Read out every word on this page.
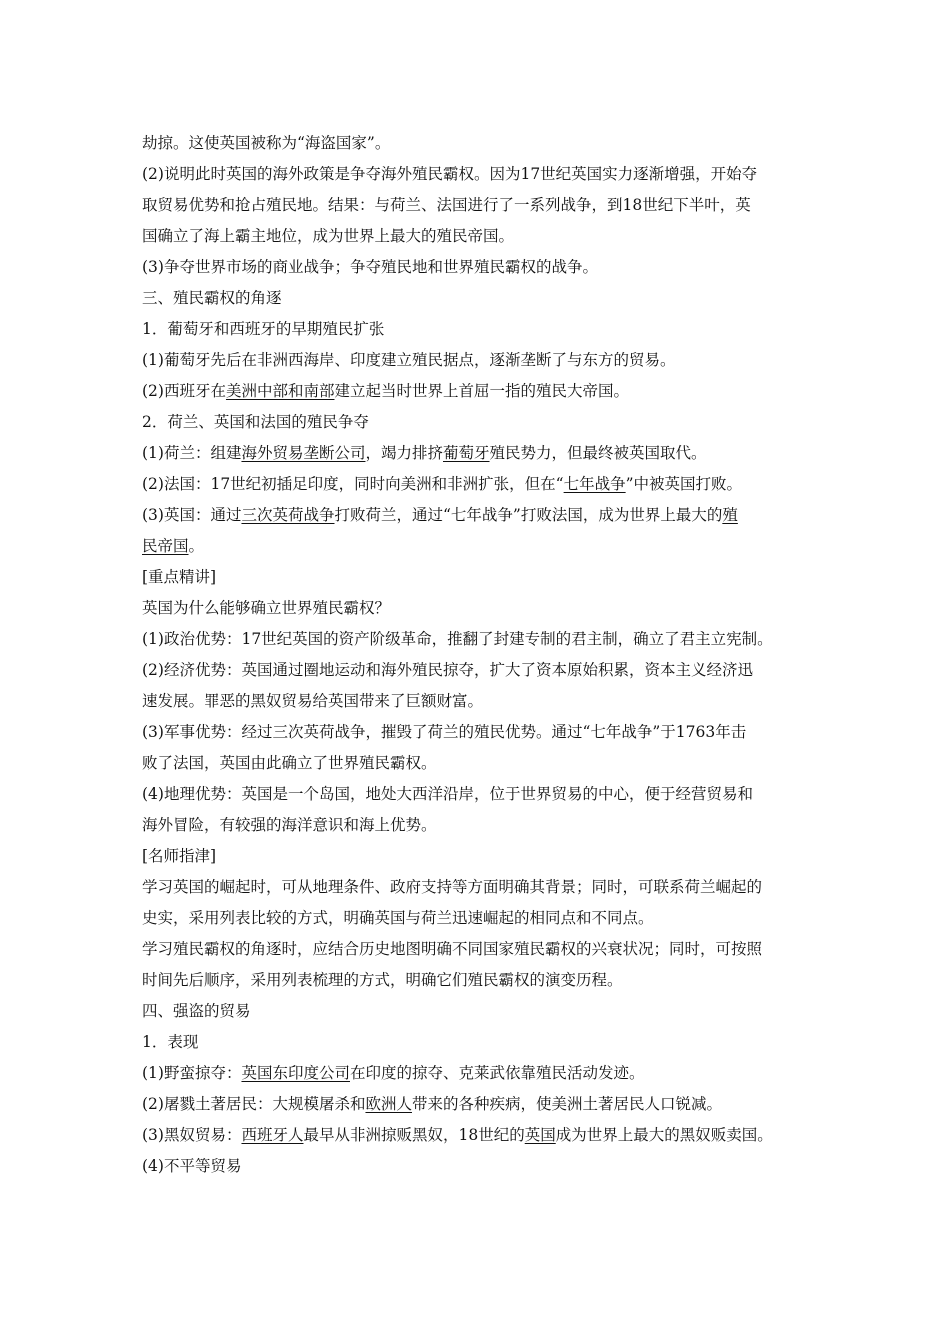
劫掠。这使英国被称为“海盗国家”。
(2)说明此时英国的海外政策是争夺海外殖民霸权。因为17世纪英国实力逐渐增强，开始夺
取贸易优势和抢占殖民地。结果：与荷兰、法国进行了一系列战争，到18世纪下半叶，英
国确立了海上霸主地位，成为世界上最大的殖民帝国。
(3)争夺世界市场的商业战争；争夺殖民地和世界殖民霸权的战争。
三、殖民霸权的角逐
1．葡萄牙和西班牙的早期殖民扩张
(1)葡萄牙先后在非洲西海岸、印度建立殖民据点，逐渐垄断了与东方的贸易。
(2)西班牙在美洲中部和南部建立起当时世界上首屈一指的殖民大帝国。
2．荷兰、英国和法国的殖民争夺
(1)荷兰：组建海外贸易垄断公司，竭力排挤葡萄牙殖民势力，但最终被英国取代。
(2)法国：17世纪初插足印度，同时向美洲和非洲扩张，但在“七年战争”中被英国打败。
(3)英国：通过三次英荷战争打败荷兰，通过“七年战争”打败法国，成为世界上最大的殖
民帝国。
[重点精讲]
英国为什么能够确立世界殖民霸权？
(1)政治优势：17世纪英国的资产阶级革命，推翻了封建专制的君主制，确立了君主立宪制。
(2)经济优势：英国通过圈地运动和海外殖民掠夺，扩大了资本原始积累，资本主义经济迅
速发展。罪恶的黑奴贸易给英国带来了巨额财富。
(3)军事优势：经过三次英荷战争，摧毁了荷兰的殖民优势。通过“七年战争”于1763年击
败了法国，英国由此确立了世界殖民霸权。
(4)地理优势：英国是一个岛国，地处大西洋沿岸，位于世界贸易的中心，便于经营贸易和
海外冒险，有较强的海洋意识和海上优势。
[名师指津]
学习英国的崛起时，可从地理条件、政府支持等方面明确其背景；同时，可联系荷兰崛起的
史实，采用列表比较的方式，明确英国与荷兰迅速崛起的相同点和不同点。
学习殖民霸权的角逐时，应结合历史地图明确不同国家殖民霸权的兴衰状况；同时，可按照
时间先后顺序，采用列表梳理的方式，明确它们殖民霸权的演变历程。
四、强盗的贸易
1．表现
(1)野蛮掠夺：英国东印度公司在印度的掠夺、克莱武依靠殖民活动发迹。
(2)屠戮土著居民：大规模屠杀和欧洲人带来的各种疾病，使美洲土著居民人口锐减。
(3)黑奴贸易：西班牙人最早从非洲掠贩黑奴，18世纪的英国成为世界上最大的黑奴贩卖国。
(4)不平等贸易
